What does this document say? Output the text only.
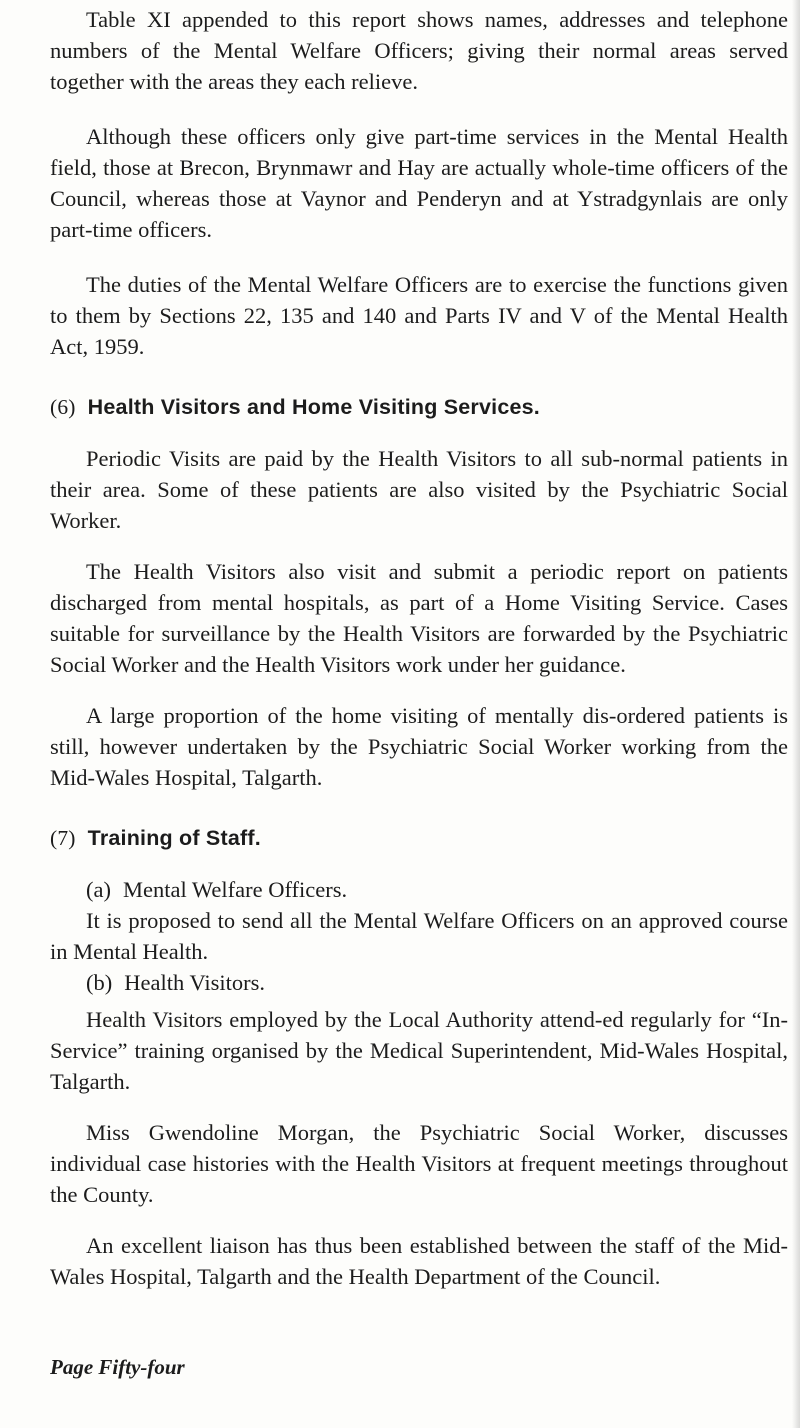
Table XI appended to this report shows names, addresses and telephone numbers of the Mental Welfare Officers; giving their normal areas served together with the areas they each relieve.

Although these officers only give part-time services in the Mental Health field, those at Brecon, Brynmawr and Hay are actually whole-time officers of the Council, whereas those at Vaynor and Penderyn and at Ystradgynlais are only part-time officers.

The duties of the Mental Welfare Officers are to exercise the functions given to them by Sections 22, 135 and 140 and Parts IV and V of the Mental Health Act, 1959.

(6) Health Visitors and Home Visiting Services.

Periodic Visits are paid by the Health Visitors to all sub-normal patients in their area. Some of these patients are also visited by the Psychiatric Social Worker.

The Health Visitors also visit and submit a periodic report on patients discharged from mental hospitals, as part of a Home Visiting Service. Cases suitable for surveillance by the Health Visitors are forwarded by the Psychiatric Social Worker and the Health Visitors work under her guidance.

A large proportion of the home visiting of mentally dis-ordered patients is still, however undertaken by the Psychiatric Social Worker working from the Mid-Wales Hospital, Talgarth.

(7) Training of Staff.
(a) Mental Welfare Officers.

It is proposed to send all the Mental Welfare Officers on an approved course in Mental Health.

(b) Health Visitors.

Health Visitors employed by the Local Authority attend-ed regularly for “In-Service” training organised by the Medical Superintendent, Mid-Wales Hospital, Talgarth.

Miss Gwendoline Morgan, the Psychiatric Social Worker, discusses individual case histories with the Health Visitors at frequent meetings throughout the County.

An excellent liaison has thus been established between the staff of the Mid-Wales Hospital, Talgarth and the Health Department of the Council.

Page Fifty-four
